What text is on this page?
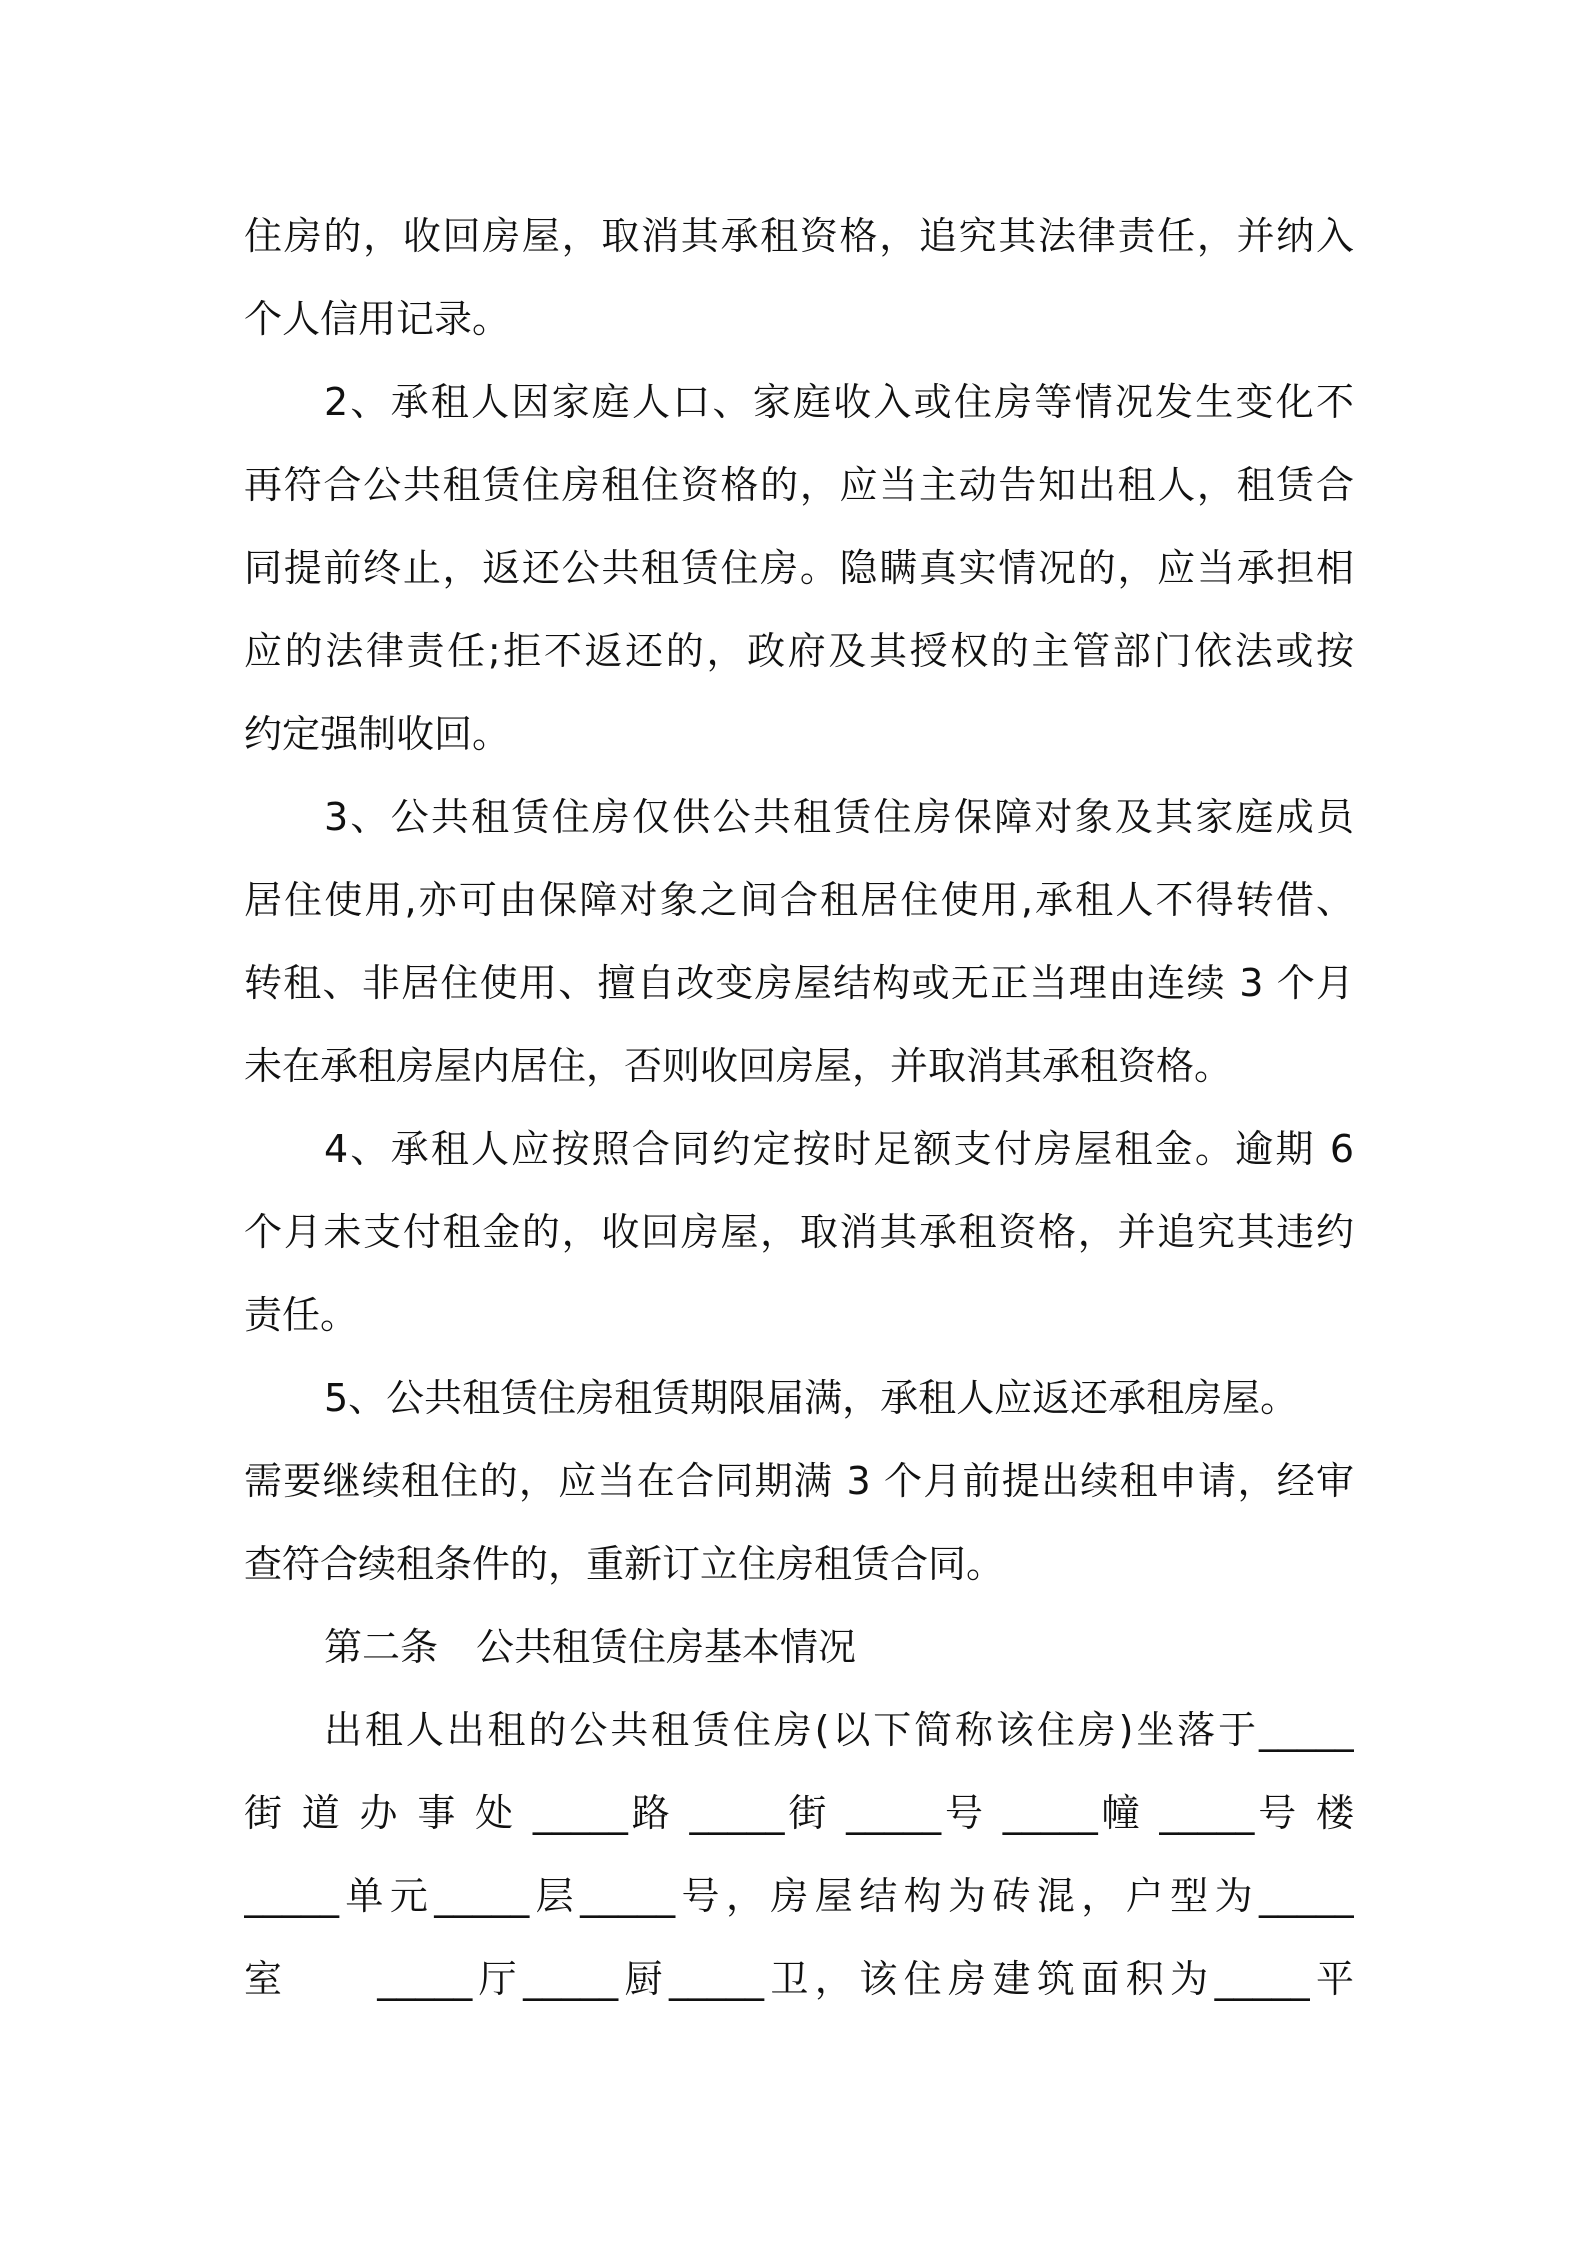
住房的，收回房屋，取消其承租资格，追究其法律责任，并纳入
个人信用记录。
2、承租人因家庭人口、家庭收入或住房等情况发生变化不
再符合公共租赁住房租住资格的，应当主动告知出租人，租赁合
同提前终止，返还公共租赁住房。隐瞒真实情况的，应当承担相
应的法律责任;拒不返还的，政府及其授权的主管部门依法或按
约定强制收回。
3、公共租赁住房仅供公共租赁住房保障对象及其家庭成员
居住使用,亦可由保障对象之间合租居住使用,承租人不得转借、
转租、非居住使用、擅自改变房屋结构或无正当理由连续 3 个月
未在承租房屋内居住，否则收回房屋，并取消其承租资格。
4、承租人应按照合同约定按时足额支付房屋租金。逾期 6
个月未支付租金的，收回房屋，取消其承租资格，并追究其违约
责任。
5、公共租赁住房租赁期限届满，承租人应返还承租房屋。
需要继续租住的，应当在合同期满 3 个月前提出续租申请，经审
查符合续租条件的，重新订立住房租赁合同。
第二条　公共租赁住房基本情况
出租人出租的公共租赁住房(以下简称该住房)坐落于_____
街 道 办 事 处 _____路 _____街 _____号 _____幢 _____号 楼
_____单元_____层_____号，房屋结构为砖混，户型为_____
室　　_____厅_____厨_____卫，该住房建筑面积为_____平
